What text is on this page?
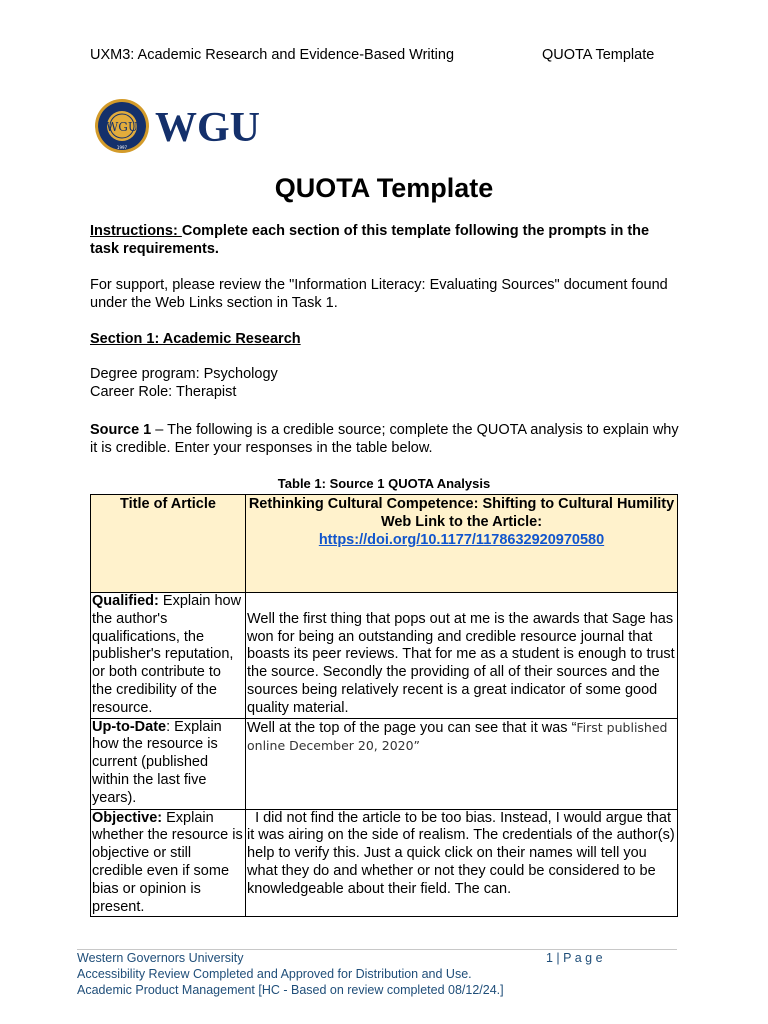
UXM3: Academic Research and Evidence-Based Writing	QUOTA Template
WGU
1997 WGU
QUOTA Template
Instructions: Complete each section of this template following the prompts in the task requirements.
For support, please review the "Information Literacy: Evaluating Sources" document found under the Web Links section in Task 1.
Section 1: Academic Research
Degree program: Psychology
Career Role: Therapist
Source 1 – The following is a credible source; complete the QUOTA analysis to explain why it is credible. Enter your responses in the table below.
Table 1: Source 1 QUOTA Analysis
Title of Article	Rethinking Cultural Competence: Shifting to Cultural Humility
Web Link to the Article:
https://doi.org/10.1177/1178632920970580

Qualified: Explain how the author's qualifications, the publisher's reputation, or both contribute to the credibility of the resource.	Well the first thing that pops out at me is the awards that Sage has won for being an outstanding and credible resource journal that boasts its peer reviews. That for me as a student is enough to trust the source. Secondly the providing of all of their sources and the sources being relatively recent is a great indicator of some good quality material.
Up-to-Date: Explain how the resource is current (published within the last five years).	Well at the top of the page you can see that it was “First published online December 20, 2020”
Objective: Explain whether the resource is objective or still credible even if some bias or opinion is present.	I did not find the article to be too bias. Instead, I would argue that it was airing on the side of realism. The credentials of the author(s) help to verify this. Just a quick click on their names will tell you what they do and whether or not they could be considered to be knowledgeable about their field. The can.
Western Governors University	1 | P a g e
Accessibility Review Completed and Approved for Distribution and Use.
Academic Product Management [HC - Based on review completed 08/12/24.]
